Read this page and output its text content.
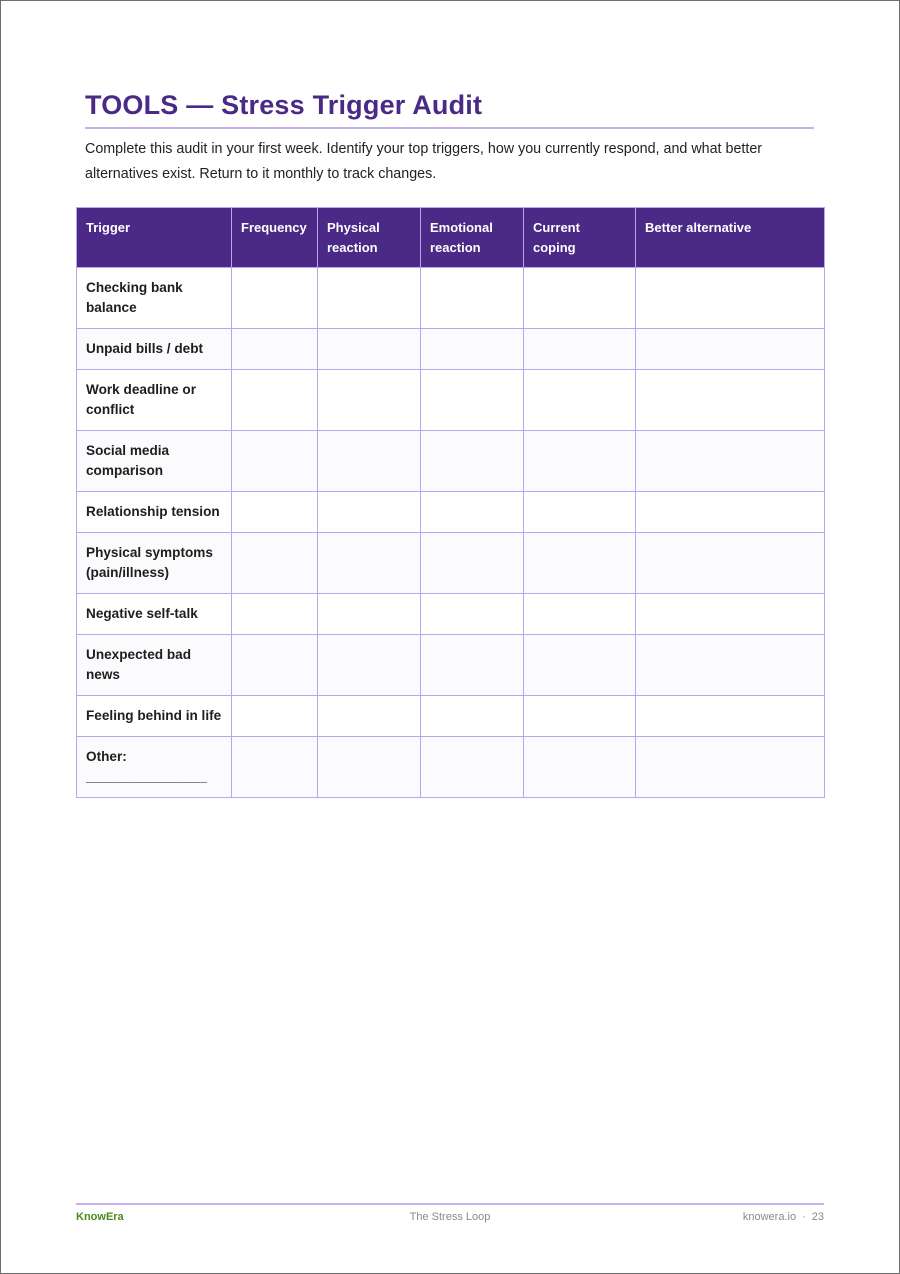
TOOLS — Stress Trigger Audit

Complete this audit in your first week. Identify your top triggers, how you currently respond, and what better alternatives exist. Return to it monthly to track changes.

Trigger	Frequency	Physical reaction	Emotional reaction	Current coping	Better alternative
Checking bank balance					
Unpaid bills / debt					
Work deadline or conflict					
Social media comparison					
Relationship tension					
Physical symptoms (pain/illness)					
Negative self-talk					
Unexpected bad news					
Feeling behind in life					
Other: ________________					
KnowEra	The Stress Loop	knowera.io · 23
